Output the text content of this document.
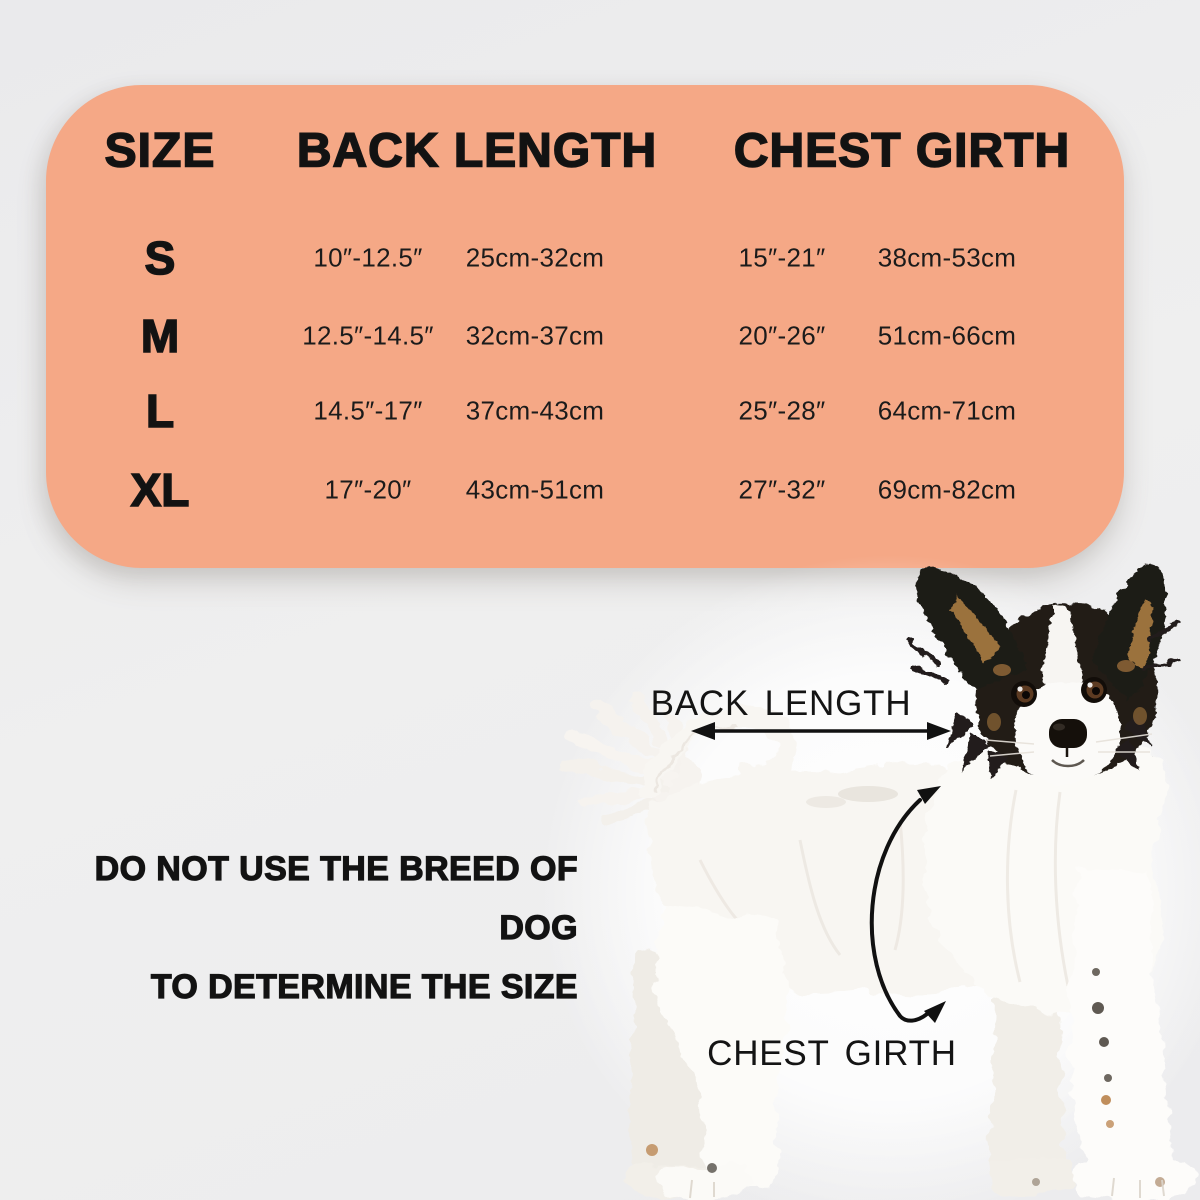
SIZE BACK LENGTH CHEST GIRTH
S	10″-12.5″ 25cm-32cm	15″-21″ 38cm-53cm
M	12.5″-14.5″ 32cm-37cm	20″-26″ 51cm-66cm
L	14.5″-17″ 37cm-43cm	25″-28″ 64cm-71cm
XL	17″-20″ 43cm-51cm	27″-32″ 69cm-82cm
BACK LENGTH
CHEST GIRTH
DO NOT USE THE BREED OF DOG
TO DETERMINE THE SIZE
